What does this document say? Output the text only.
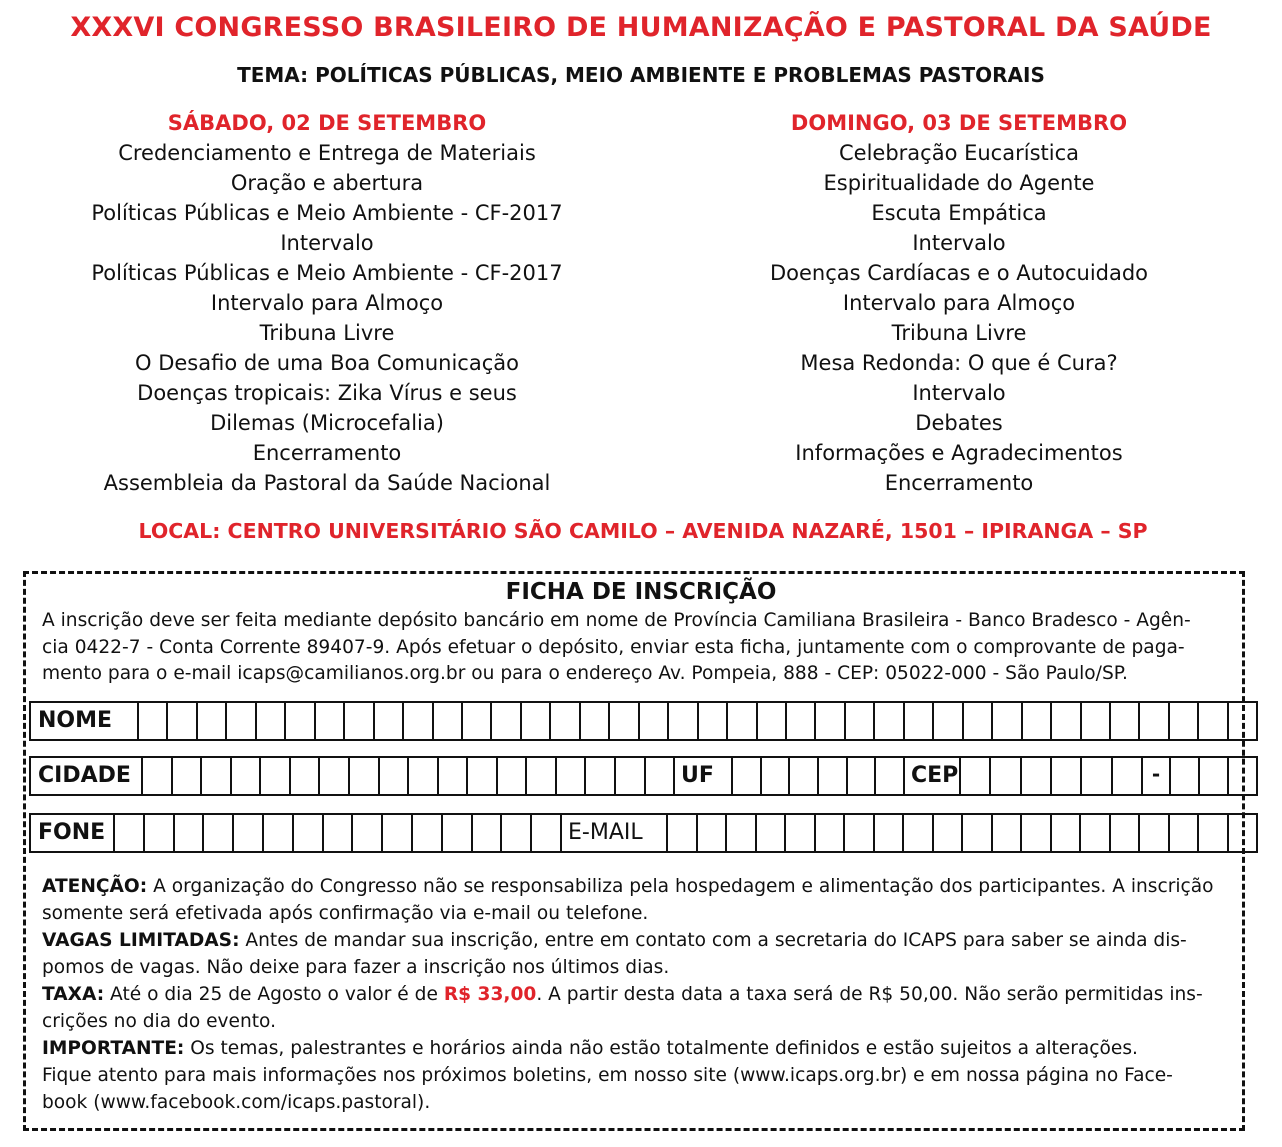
XXXVI CONGRESSO BRASILEIRO DE HUMANIZAÇÃO E PASTORAL DA SAÚDE
TEMA: POLÍTICAS PÚBLICAS, MEIO AMBIENTE E PROBLEMAS PASTORAIS
SÁBADO, 02 DE SETEMBRO
Credenciamento e Entrega de Materiais
Oração e abertura
Políticas Públicas e Meio Ambiente - CF-2017
Intervalo
Políticas Públicas e Meio Ambiente - CF-2017
Intervalo para Almoço
Tribuna Livre
O Desafio de uma Boa Comunicação
Doenças tropicais: Zika Vírus e seus
Dilemas (Microcefalia)
Encerramento
Assembleia da Pastoral da Saúde Nacional
DOMINGO, 03 DE SETEMBRO
Celebração Eucarística
Espiritualidade do Agente
Escuta Empática
Intervalo
Doenças Cardíacas e o Autocuidado
Intervalo para Almoço
Tribuna Livre
Mesa Redonda: O que é Cura?
Intervalo
Debates
Informações e Agradecimentos
Encerramento
LOCAL: CENTRO UNIVERSITÁRIO SÃO CAMILO – AVENIDA NAZARÉ, 1501 – IPIRANGA – SP
FICHA DE INSCRIÇÃO
A inscrição deve ser feita mediante depósito bancário em nome de Província Camiliana Brasileira - Banco Bradesco - Agên-
cia 0422-7 - Conta Corrente 89407-9. Após efetuar o depósito, enviar esta ficha, juntamente com o comprovante de paga-
mento para o e-mail icaps@camilianos.org.br ou para o endereço Av. Pompeia, 888 - CEP: 05022-000 - São Paulo/SP.
NOME
CIDADE	UF	CEP	-
FONE	E-MAIL
ATENÇÃO: A organização do Congresso não se responsabiliza pela hospedagem e alimentação dos participantes. A inscrição
somente será efetivada após confirmação via e-mail ou telefone.
VAGAS LIMITADAS: Antes de mandar sua inscrição, entre em contato com a secretaria do ICAPS para saber se ainda dis-
pomos de vagas. Não deixe para fazer a inscrição nos últimos dias.
TAXA: Até o dia 25 de Agosto o valor é de R$ 33,00. A partir desta data a taxa será de R$ 50,00. Não serão permitidas ins-
crições no dia do evento.
IMPORTANTE: Os temas, palestrantes e horários ainda não estão totalmente definidos e estão sujeitos a alterações.
Fique atento para mais informações nos próximos boletins, em nosso site (www.icaps.org.br) e em nossa página no Face-
book (www.facebook.com/icaps.pastoral).
